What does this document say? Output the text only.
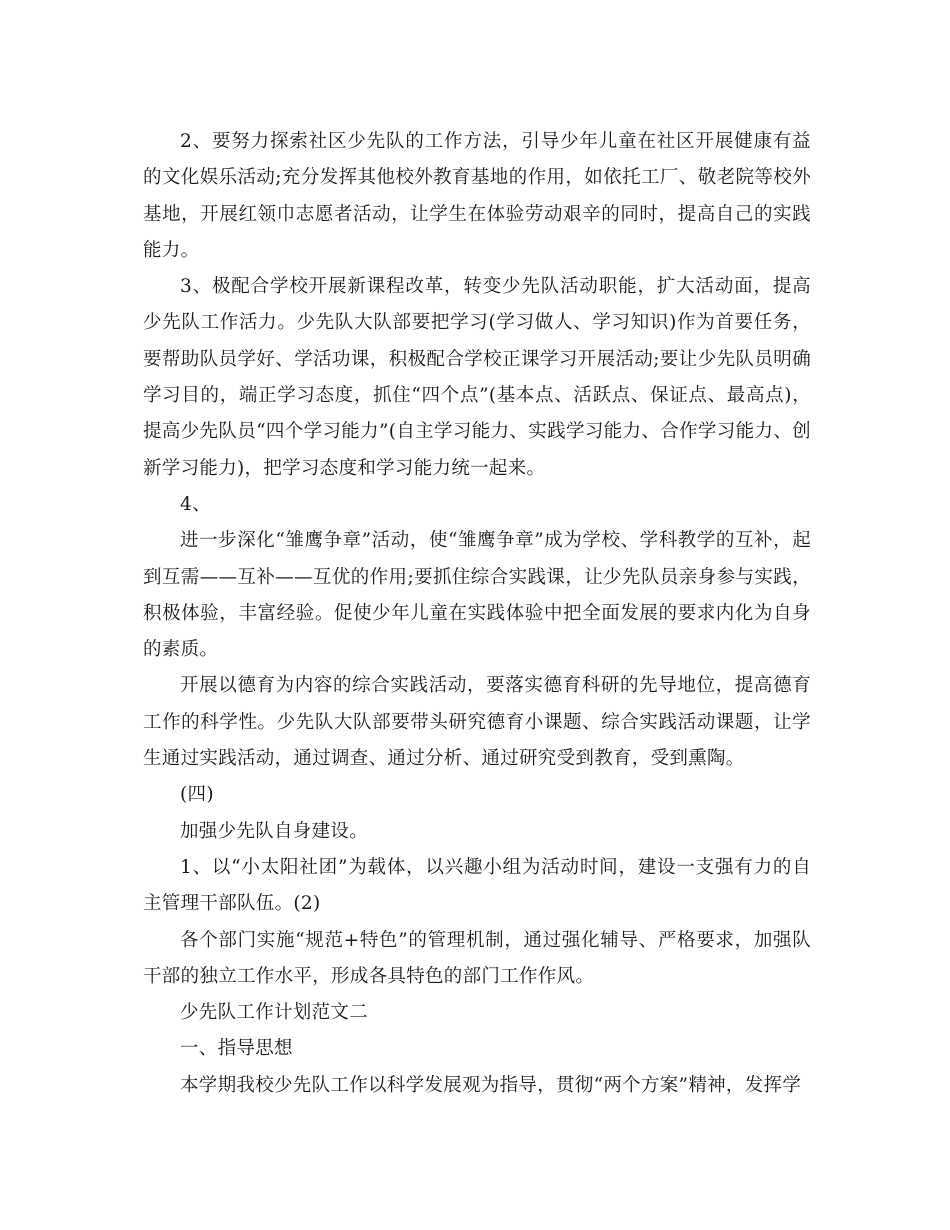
2、要努力探索社区少先队的工作方法，引导少年儿童在社区开展健康有益的文化娱乐活动;充分发挥其他校外教育基地的作用，如依托工厂、敬老院等校外基地，开展红领巾志愿者活动，让学生在体验劳动艰辛的同时，提高自己的实践能力。

3、极配合学校开展新课程改革，转变少先队活动职能，扩大活动面，提高少先队工作活力。少先队大队部要把学习(学习做人、学习知识)作为首要任务，要帮助队员学好、学活功课，积极配合学校正课学习开展活动;要让少先队员明确学习目的，端正学习态度，抓住“四个点”(基本点、活跃点、保证点、最高点)，提高少先队员“四个学习能力”(自主学习能力、实践学习能力、合作学习能力、创新学习能力)，把学习态度和学习能力统一起来。

4、

进一步深化“雏鹰争章”活动，使“雏鹰争章”成为学校、学科教学的互补，起到互需——互补——互优的作用;要抓住综合实践课，让少先队员亲身参与实践，积极体验，丰富经验。促使少年儿童在实践体验中把全面发展的要求内化为自身的素质。

开展以德育为内容的综合实践活动，要落实德育科研的先导地位，提高德育工作的科学性。少先队大队部要带头研究德育小课题、综合实践活动课题，让学生通过实践活动，通过调查、通过分析、通过研究受到教育，受到熏陶。

(四)

加强少先队自身建设。

1、以“小太阳社团”为载体，以兴趣小组为活动时间，建设一支强有力的自主管理干部队伍。(2)

各个部门实施“规范+特色”的管理机制，通过强化辅导、严格要求，加强队干部的独立工作水平，形成各具特色的部门工作作风。

少先队工作计划范文二

一、指导思想

本学期我校少先队工作以科学发展观为指导，贯彻“两个方案”精神，发挥学
